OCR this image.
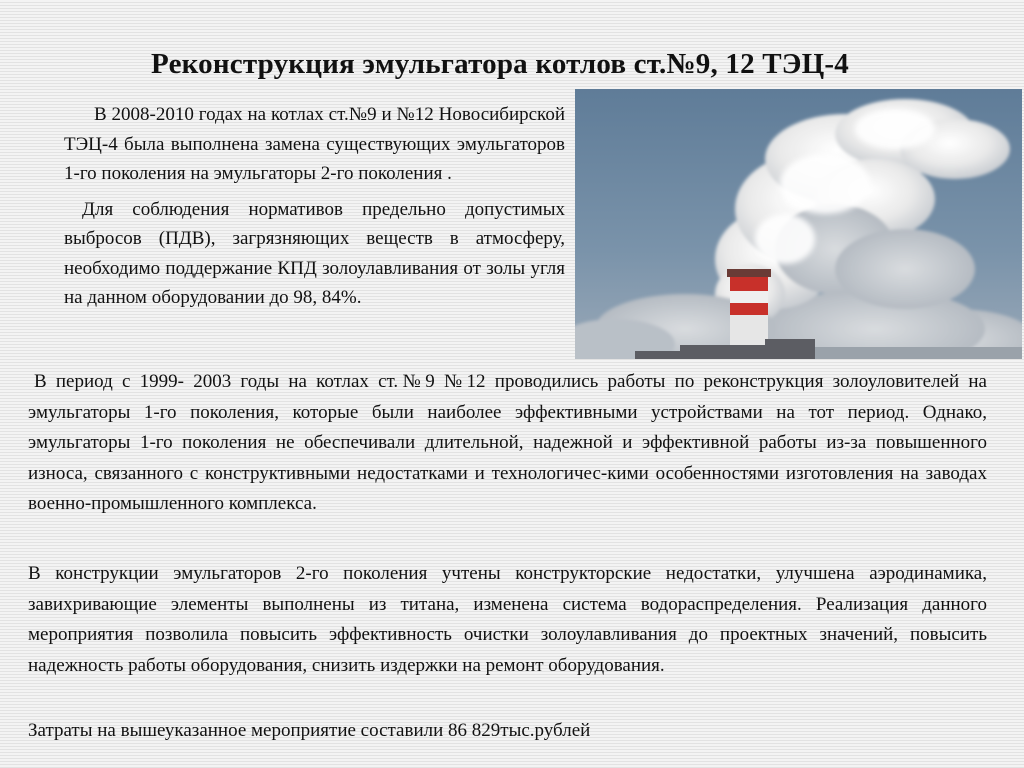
Реконструкция эмульгатора котлов ст.№9, 12 ТЭЦ-4

В 2008-2010 годах на котлах ст.№9 и №12 Новосибирской ТЭЦ-4 была выполнена замена существующих эмульгаторов 1-го поколения на эмульгаторы 2-го поколения .

Для соблюдения нормативов предельно допустимых выбросов (ПДВ), загрязняющих веществ в атмосферу, необходимо поддержание КПД золоулавливания от золы угля на данном оборудовании до 98, 84%.

В период с 1999- 2003 годы на котлах ст.№9 №12 проводились работы по реконструкция золоуловителей на эмульгаторы 1-го поколения, которые были наиболее эффективными устройствами на тот период. Однако, эмульгаторы 1-го поколения не обеспечивали длительной, надежной и эффективной работы из-за повышенного износа, связанного с конструктивными недостатками и технологичес-кими особенностями изготовления на заводах военно-промышленного комплекса.

В конструкции эмульгаторов 2-го поколения учтены конструкторские недостатки, улучшена аэродинамика, завихривающие элементы выполнены из титана, изменена система водораспределения. Реализация данного мероприятия позволила повысить эффективность очистки золоулавливания до проектных значений, повысить надежность работы оборудования, снизить издержки на ремонт оборудования.

Затраты на вышеуказанное мероприятие составили 86 829тыс.рублей
